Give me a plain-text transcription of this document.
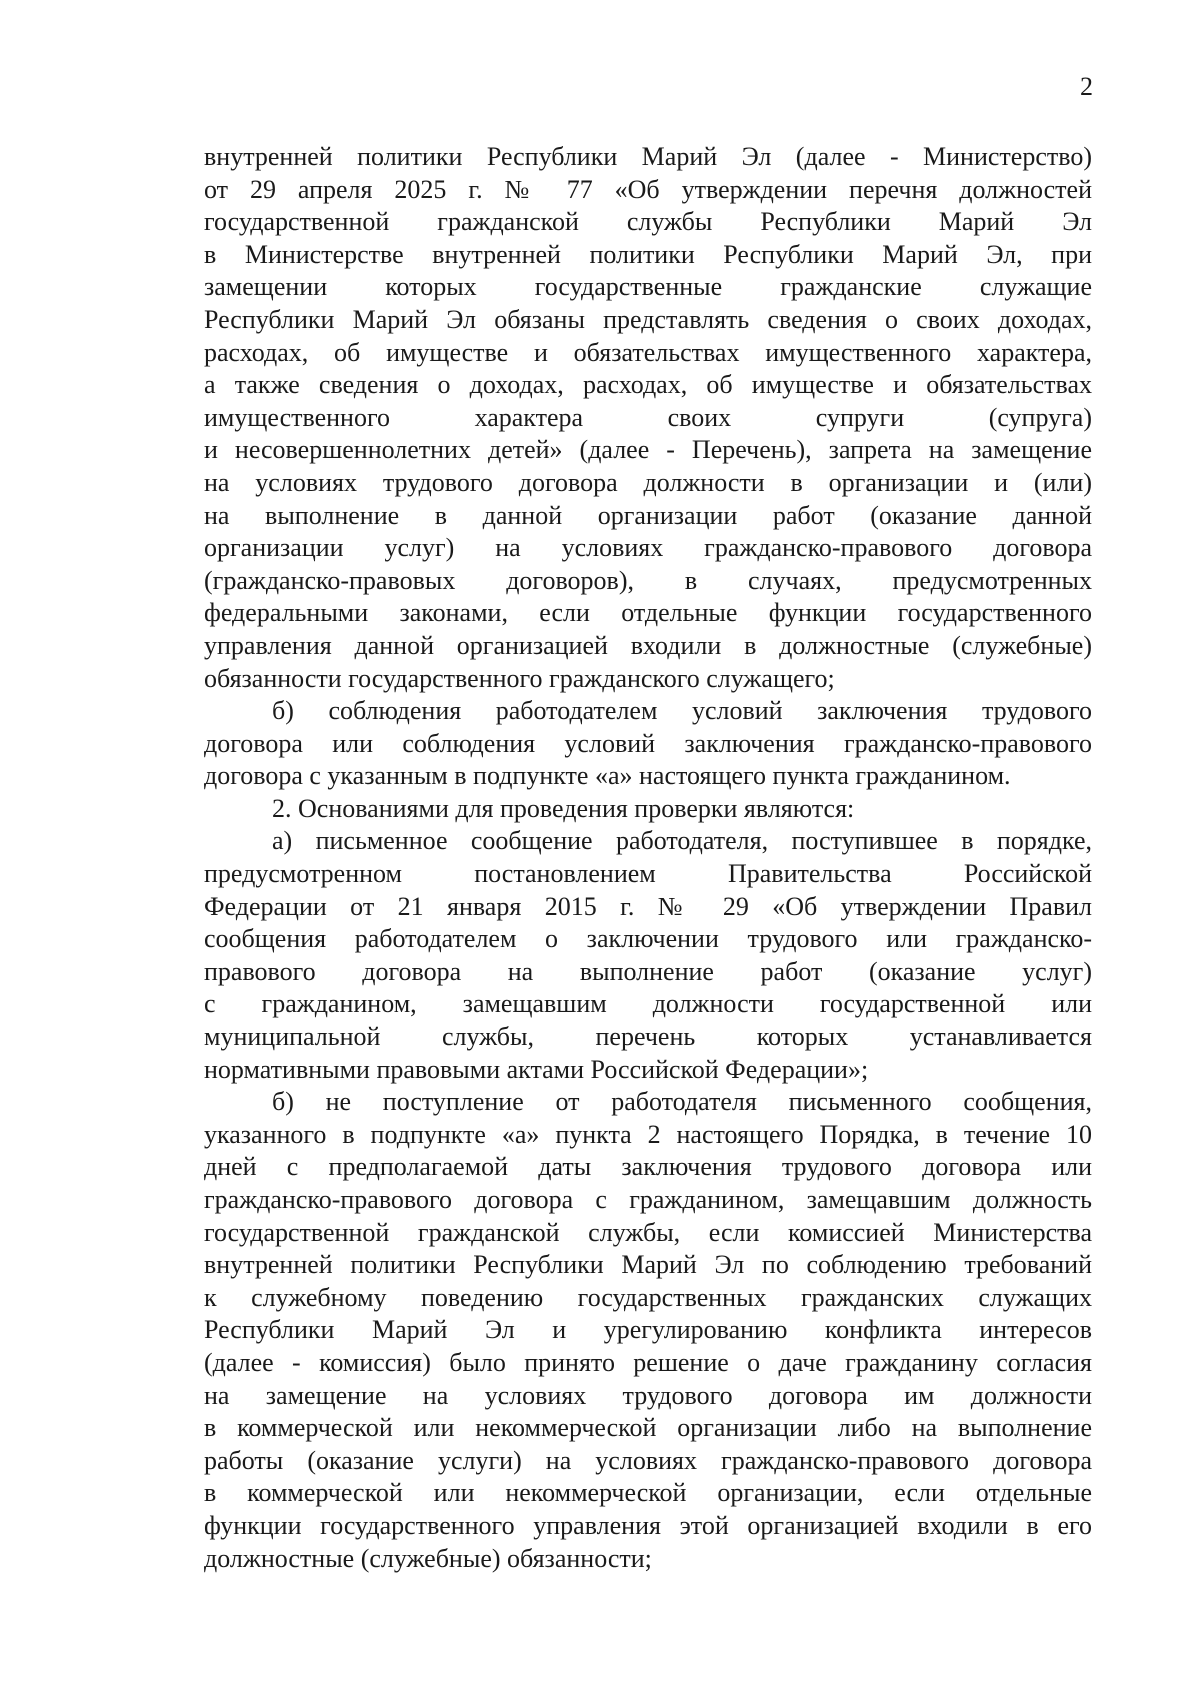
2
внутренней политики Республики Марий Эл (далее - Министерство)
от 29 апреля 2025 г. № 77 «Об утверждении перечня должностей
государственной гражданской службы Республики Марий Эл
в Министерстве внутренней политики Республики Марий Эл, при
замещении которых государственные гражданские служащие
Республики Марий Эл обязаны представлять сведения о своих доходах,
расходах, об имуществе и обязательствах имущественного характера,
а также сведения о доходах, расходах, об имуществе и обязательствах
имущественного характера своих супруги (супруга)
и несовершеннолетних детей» (далее - Перечень), запрета на замещение
на условиях трудового договора должности в организации и (или)
на выполнение в данной организации работ (оказание данной
организации услуг) на условиях гражданско-правового договора
(гражданско-правовых договоров), в случаях, предусмотренных
федеральными законами, если отдельные функции государственного
управления данной организацией входили в должностные (служебные)
обязанности государственного гражданского служащего;
б) соблюдения работодателем условий заключения трудового
договора или соблюдения условий заключения гражданско-правового
договора с указанным в подпункте «а» настоящего пункта гражданином.
2. Основаниями для проведения проверки являются:
а) письменное сообщение работодателя, поступившее в порядке,
предусмотренном постановлением Правительства Российской
Федерации от 21 января 2015 г. № 29 «Об утверждении Правил
сообщения работодателем о заключении трудового или гражданско-
правового договора на выполнение работ (оказание услуг)
с гражданином, замещавшим должности государственной или
муниципальной службы, перечень которых устанавливается
нормативными правовыми актами Российской Федерации»;
б) не поступление от работодателя письменного сообщения,
указанного в подпункте «а» пункта 2 настоящего Порядка, в течение 10
дней с предполагаемой даты заключения трудового договора или
гражданско-правового договора с гражданином, замещавшим должность
государственной гражданской службы, если комиссией Министерства
внутренней политики Республики Марий Эл по соблюдению требований
к служебному поведению государственных гражданских служащих
Республики Марий Эл и урегулированию конфликта интересов
(далее - комиссия) было принято решение о даче гражданину согласия
на замещение на условиях трудового договора им должности
в коммерческой или некоммерческой организации либо на выполнение
работы (оказание услуги) на условиях гражданско-правового договора
в коммерческой или некоммерческой организации, если отдельные
функции государственного управления этой организацией входили в его
должностные (служебные) обязанности;
